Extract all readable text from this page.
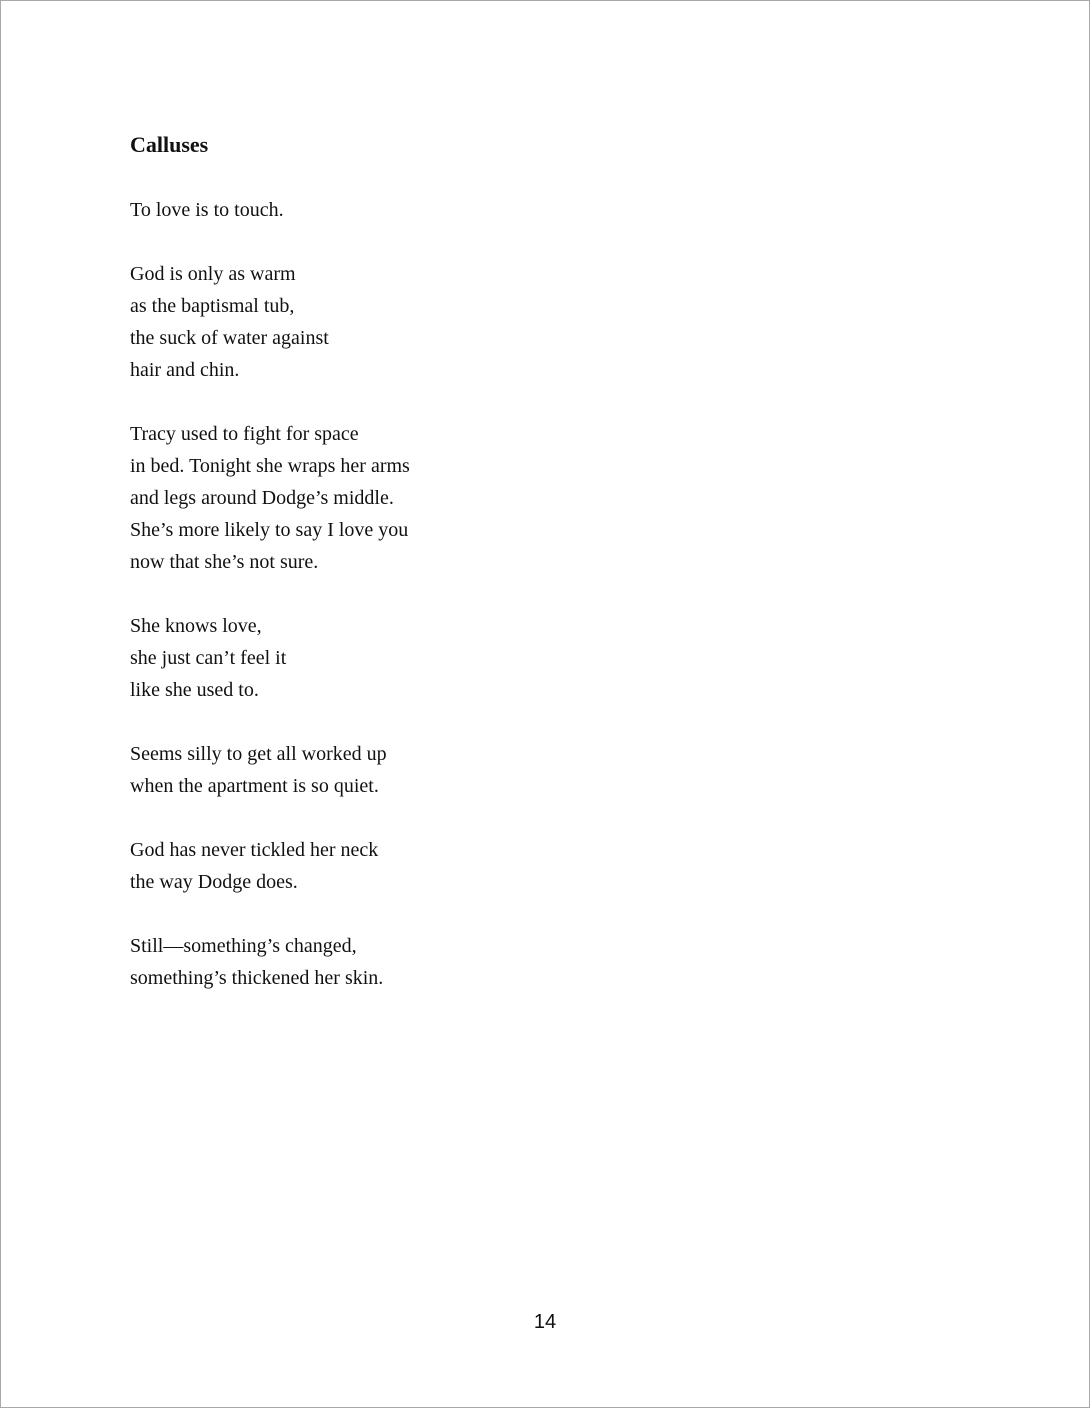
Calluses
To love is to touch.
God is only as warm
as the baptismal tub,
the suck of water against
hair and chin.
Tracy used to fight for space
in bed. Tonight she wraps her arms
and legs around Dodge’s middle.
She’s more likely to say I love you
now that she’s not sure.
She knows love,
she just can’t feel it
like she used to.
Seems silly to get all worked up
when the apartment is so quiet.
God has never tickled her neck
the way Dodge does.
Still—something’s changed,
something’s thickened her skin.
14
